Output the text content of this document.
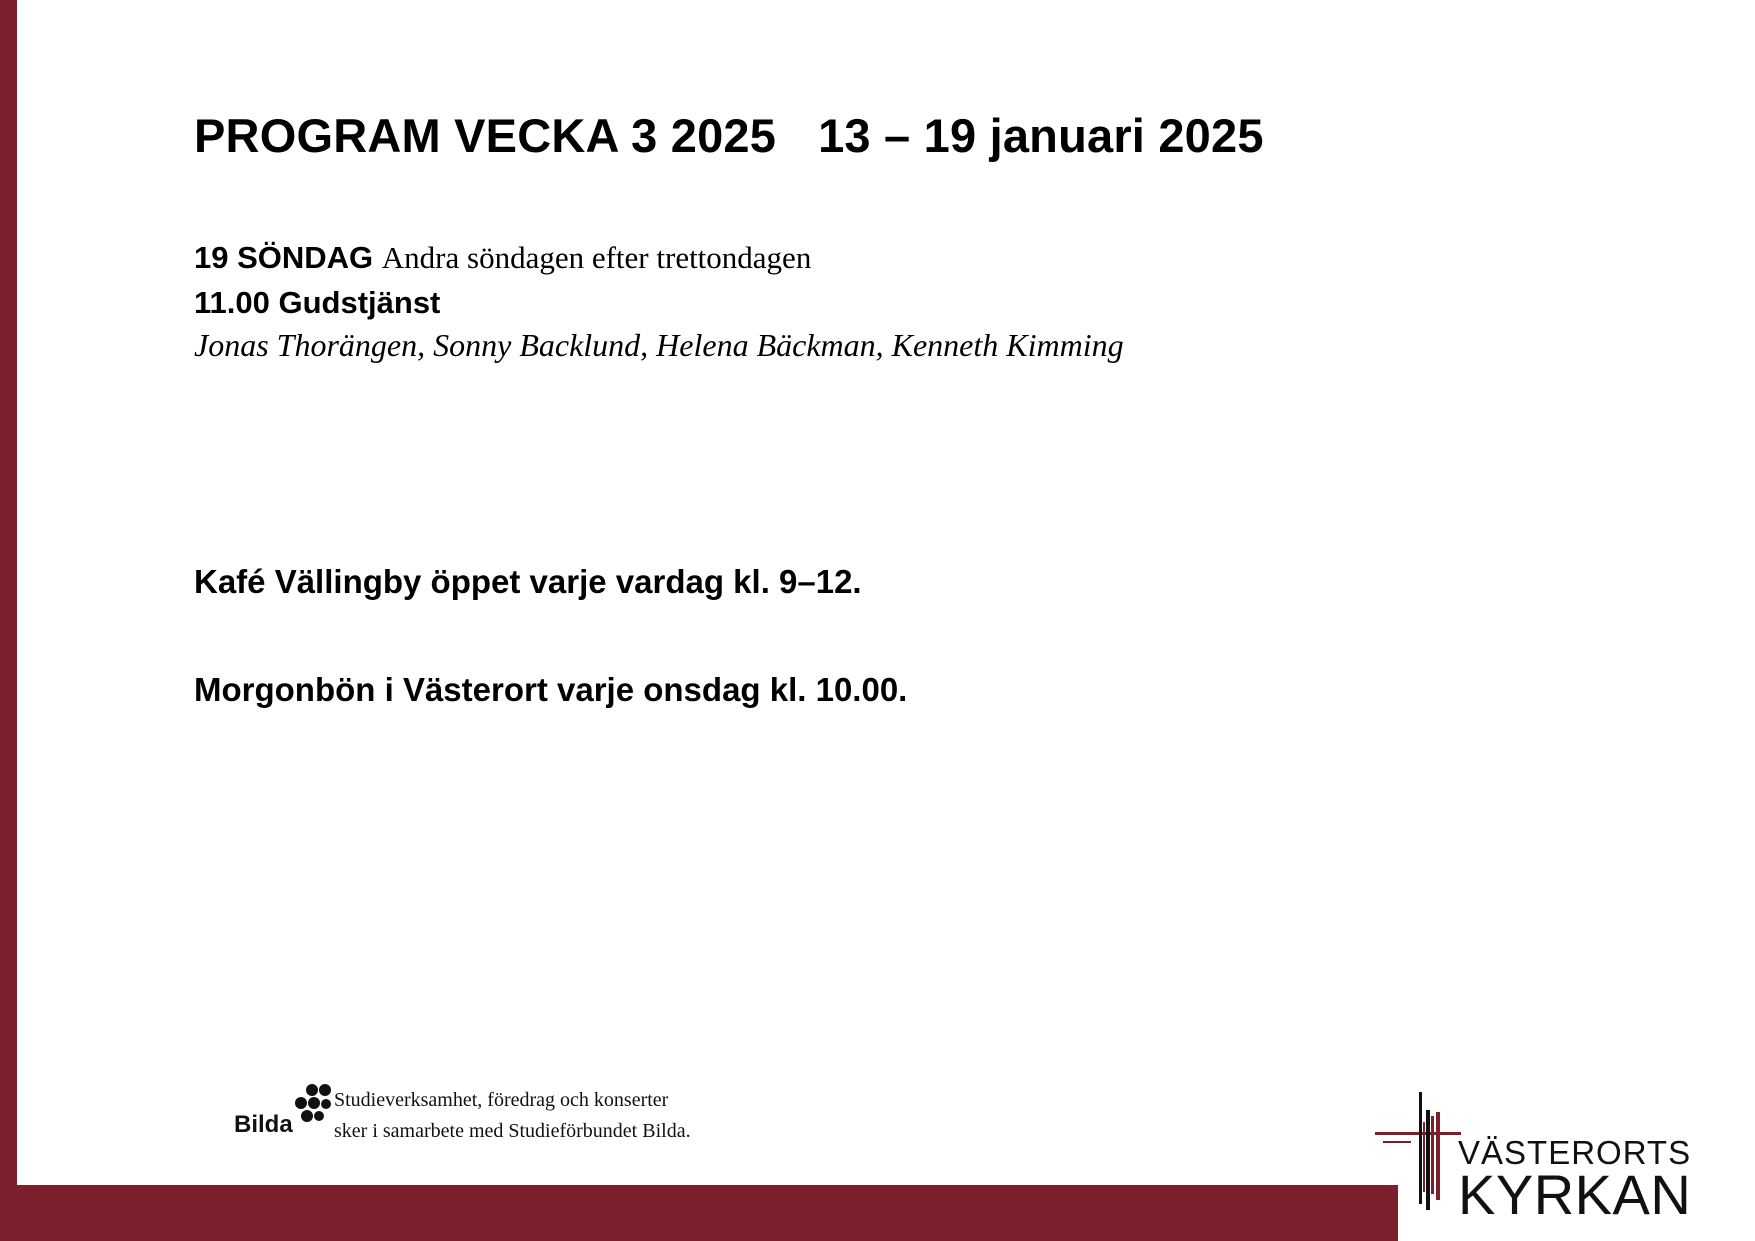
PROGRAM VECKA 3 2025 13 – 19 januari 2025

19 SÖNDAG Andra söndagen efter trettondagen

11.00 Gudstjänst

Jonas Thorängen, Sonny Backlund, Helena Bäckman, Kenneth Kimming

Kafé Vällingby öppet varje vardag kl. 9–12.

Morgonbön i Västerort varje onsdag kl. 10.00.

Bilda
Studieverksamhet, föredrag och konserter
sker i samarbete med Studieförbundet Bilda.
VÄSTERORTS
KYRKAN
